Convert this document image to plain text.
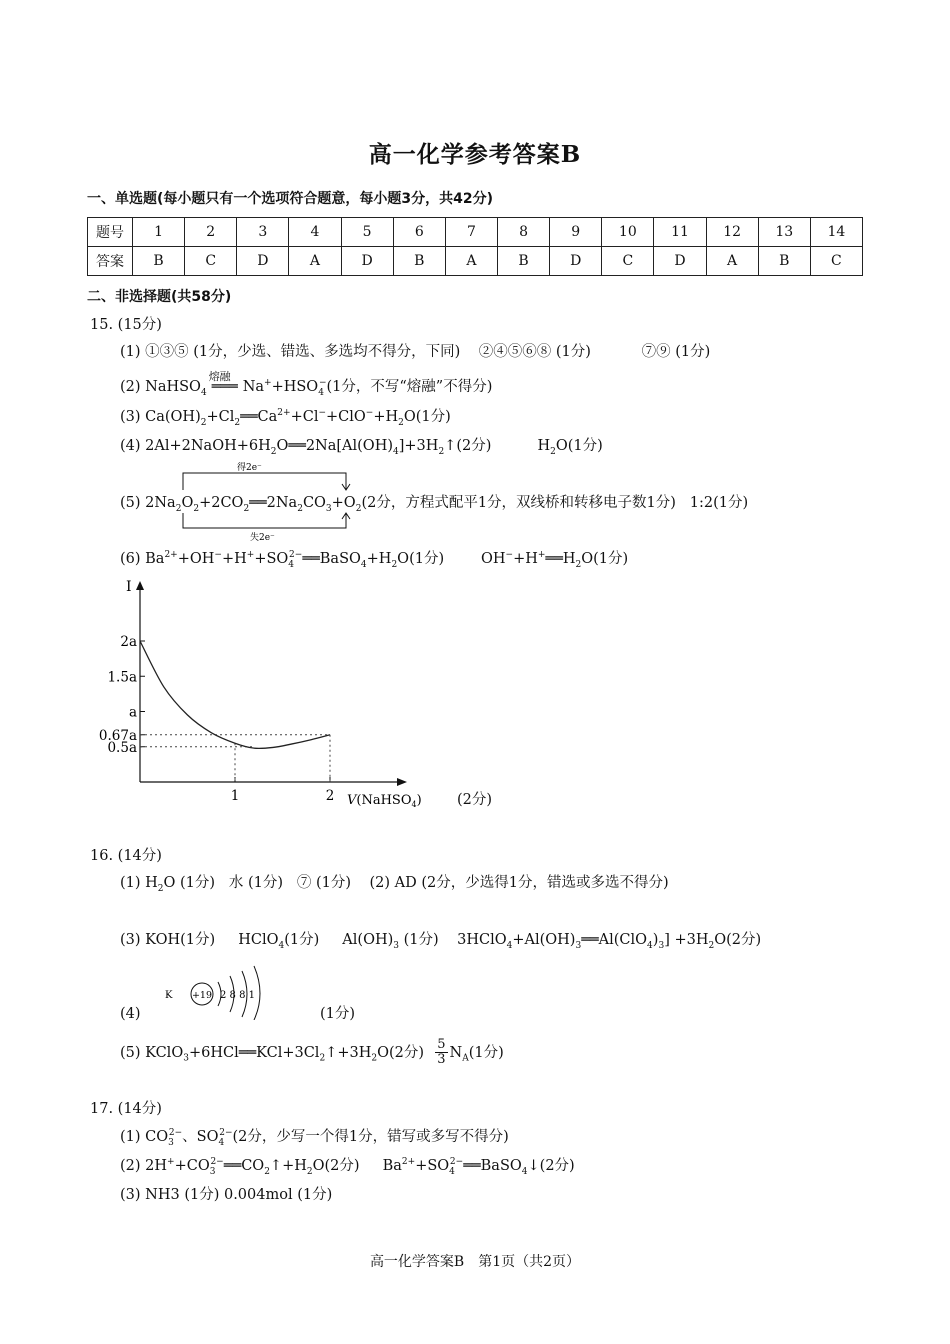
高一化学参考答案B
一、单选题(每小题只有一个选项符合题意，每小题3分，共42分)
题号	1	2	3	4	5	6	7	8	9	10	11	12	13	14
答案	B	C	D	A	D	B	A	B	D	C	D	A	B	C
二、非选择题(共58分)
15. (15分)
(1) ①③⑤ (1分，少选、错选、多选均不得分，下同) ②④⑤⑥⑧ (1分)	⑦⑨ (1分)
(2) NaHSO$_4$
熔融
═══ $Na^++HSO_4^-(1$分，不写“熔融”不得分)
(3) $Ca(OH)_2+Cl_2══Ca^{2+}+Cl^-+ClO^-+H_2O(1$分)
(4) $2Al+2NaOH+6H_2O══2Na[Al(OH)_4]+3H_2↑(2$分)          $H_2O(1$分)
得2e⁻
失2e⁻
(5) $2Na_2O_2+2CO_2══2Na_2CO_3+O_2(2$分，方程式配平1分，双线桥和转移电子数1分) 1:2(1分)
(6) $Ba^{2+}+OH^-+H^++SO_4^{2-}══BaSO_4+H_2O(1$分)        $OH^-+H^+══H_2O(1$分)
I
V(NaHSO$_4$)
2a
1.5a
a
0.67a
0.5a
1	2	(2分)
16. (14分)
(1) $H_2O$ (1分)   水 (1分) ⑦ (1分) (2) AD (2分，少选得1分，错选或多选不得分)
(3) KOH(1分)     HClO$_4$(1分)     $Al(OH)_3$ (1分)    $3HClO_4+Al(OH)_3══Al(ClO_4)_3] +3H_2O(2$分)
K +19 2 8 8 1
(4)	(1分)
(5) $KClO_3+6HCl══KCl+3Cl_2↑+3H_2O(2$分) $\frac{5}{3} N_A(1$分)
17. (14分)
(1) $CO_3^{2-}$、$SO_4^{2-}(2$分，少写一个得1分，错写或多写不得分)
(2) $2H^++CO_3^{2-}══CO_2↑+H_2O(2$分)     $Ba^{2+}+SO_4^{2-}══BaSO_4↓(2$分)
(3) NH3 (1分) 0.004mol (1分)
高一化学答案B　第1页（共2页）
